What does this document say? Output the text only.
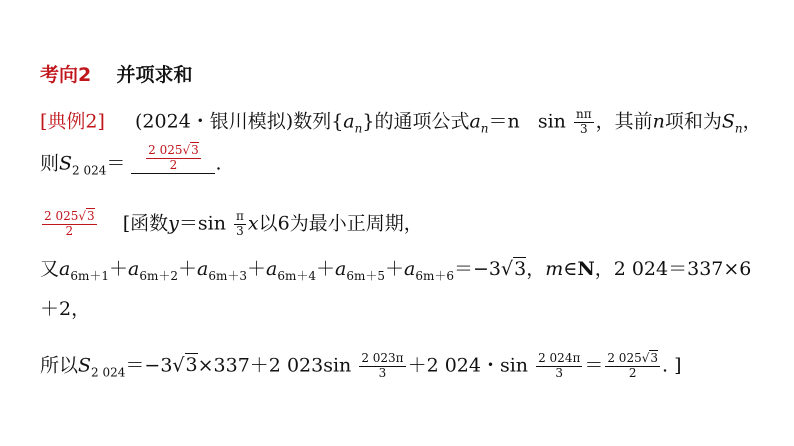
考向2 并项求和
[典例2] (2024・银川模拟)数列$\{a_n\}$的通项公式$a_n=n$ $\sin \frac{n\pi}{3}$ ，其前n项和为$S_n$，
则$S_{2 024}= \frac{2 025√3}{2}$ .
$\frac{2 025√3}{2}$ [函数$y=\sin \frac{\pi}{3}$ x以6为最小正周期，
又$a_{6m+1}+a_{6m+2}+a_{6m+3}+a_{6m+4}+a_{6m+5}+a_{6m+6}=-3√3$，m∈N，2 024＝337×6
＋2，
所以$S_{2 024}=-3√3\times 337+2$ $023\sin \frac{2 023\pi}{3} +2$ 024・$\sin \frac{2 024\pi}{3} = \frac{2 025√3}{2}$ . ]
